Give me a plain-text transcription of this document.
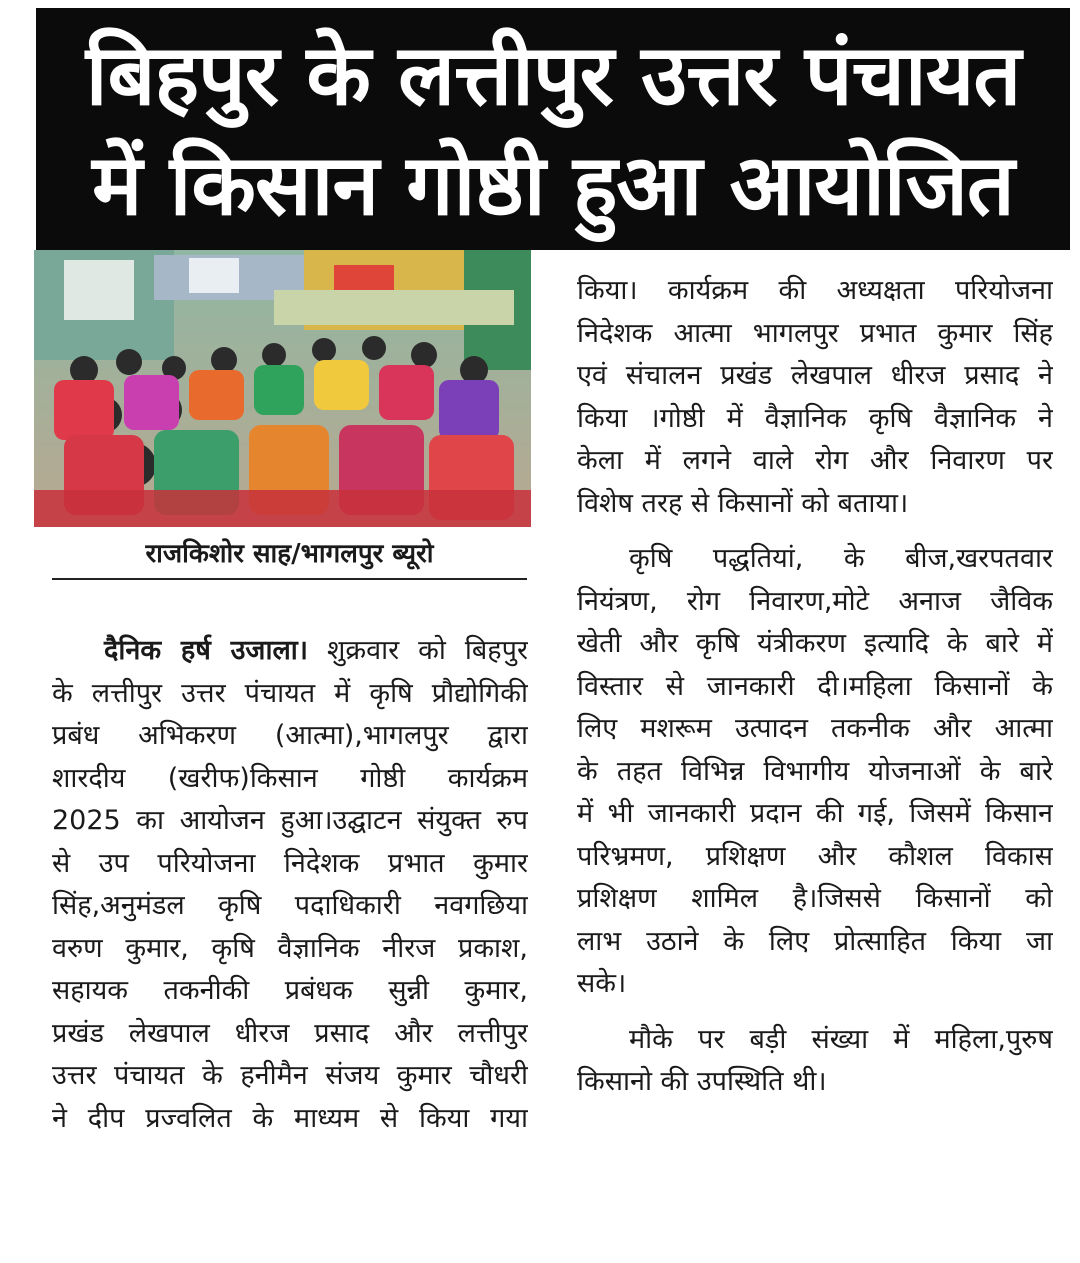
बिहपुर के लत्तीपुर उत्तर पंचायत
में किसान गोष्ठी हुआ आयोजित
राजकिशोर साह/भागलपुर ब्यूरो
दैनिक हर्ष उजाला। शुक्रवार को बिहपुर
के लत्तीपुर उत्तर पंचायत में कृषि प्रौद्योगिकी
प्रबंध अभिकरण (आत्मा),भागलपुर द्वारा
शारदीय (खरीफ)किसान गोष्ठी कार्यक्रम
2025 का आयोजन हुआ।उद्घाटन संयुक्त रुप
से उप परियोजना निदेशक प्रभात कुमार
सिंह,अनुमंडल कृषि पदाधिकारी नवगछिया
वरुण कुमार, कृषि वैज्ञानिक नीरज प्रकाश,
सहायक तकनीकी प्रबंधक सुन्नी कुमार,
प्रखंड लेखपाल धीरज प्रसाद और लत्तीपुर
उत्तर पंचायत के हनीमैन संजय कुमार चौधरी
ने दीप प्रज्वलित के माध्यम से किया गया
किया। कार्यक्रम की अध्यक्षता परियोजना
निदेशक आत्मा भागलपुर प्रभात कुमार सिंह
एवं संचालन प्रखंड लेखपाल धीरज प्रसाद ने
किया ।गोष्ठी में वैज्ञानिक कृषि वैज्ञानिक ने
केला में लगने वाले रोग और निवारण पर
विशेष तरह से किसानों को बताया।
कृषि पद्धतियां, के बीज,खरपतवार
नियंत्रण, रोग निवारण,मोटे अनाज जैविक
खेती और कृषि यंत्रीकरण इत्यादि के बारे में
विस्तार से जानकारी दी।महिला किसानों के
लिए मशरूम उत्पादन तकनीक और आत्मा
के तहत विभिन्न विभागीय योजनाओं के बारे
में भी जानकारी प्रदान की गई, जिसमें किसान
परिभ्रमण, प्रशिक्षण और कौशल विकास
प्रशिक्षण शामिल है।जिससे किसानों को
लाभ उठाने के लिए प्रोत्साहित किया जा
सके।
मौके पर बड़ी संख्या में महिला,पुरुष
किसानो की उपस्थिति थी।
